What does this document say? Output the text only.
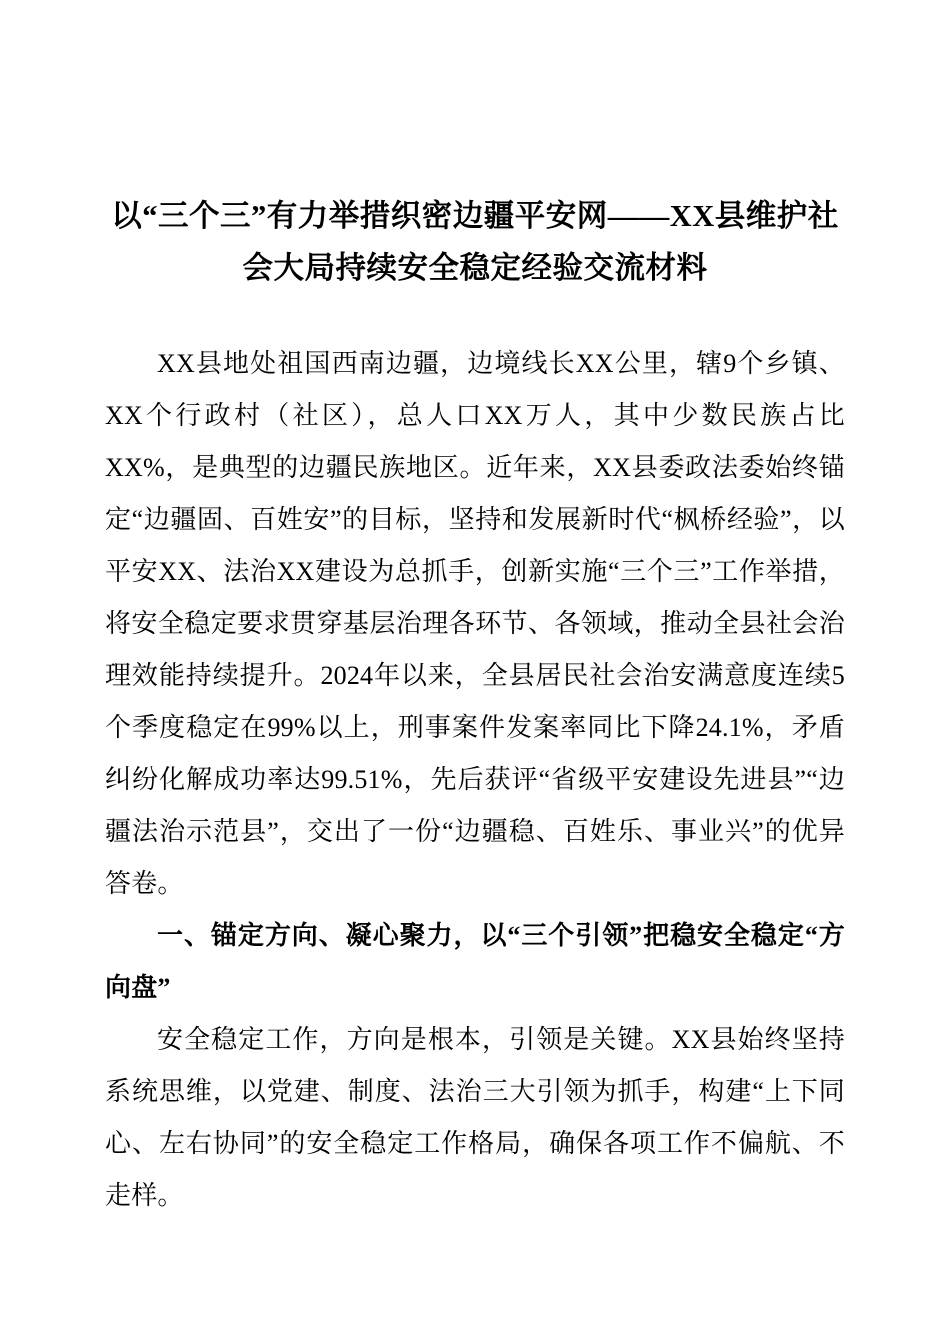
以“三个三”有力举措织密边疆平安网——XX县维护社会大局持续安全稳定经验交流材料

XX县地处祖国西南边疆，边境线长XX公里，辖9个乡镇、XX个行政村（社区），总人口XX万人，其中少数民族占比XX%，是典型的边疆民族地区。近年来，XX县委政法委始终锚定“边疆固、百姓安”的目标，坚持和发展新时代“枫桥经验”，以平安XX、法治XX建设为总抓手，创新实施“三个三”工作举措，将安全稳定要求贯穿基层治理各环节、各领域，推动全县社会治理效能持续提升。2024年以来，全县居民社会治安满意度连续5个季度稳定在99%以上，刑事案件发案率同比下降24.1%，矛盾纠纷化解成功率达99.51%，先后获评“省级平安建设先进县”“边疆法治示范县”，交出了一份“边疆稳、百姓乐、事业兴”的优异答卷。

一、锚定方向、凝心聚力，以“三个引领”把稳安全稳定“方向盘”

安全稳定工作，方向是根本，引领是关键。XX县始终坚持系统思维，以党建、制度、法治三大引领为抓手，构建“上下同心、左右协同”的安全稳定工作格局，确保各项工作不偏航、不走样。
